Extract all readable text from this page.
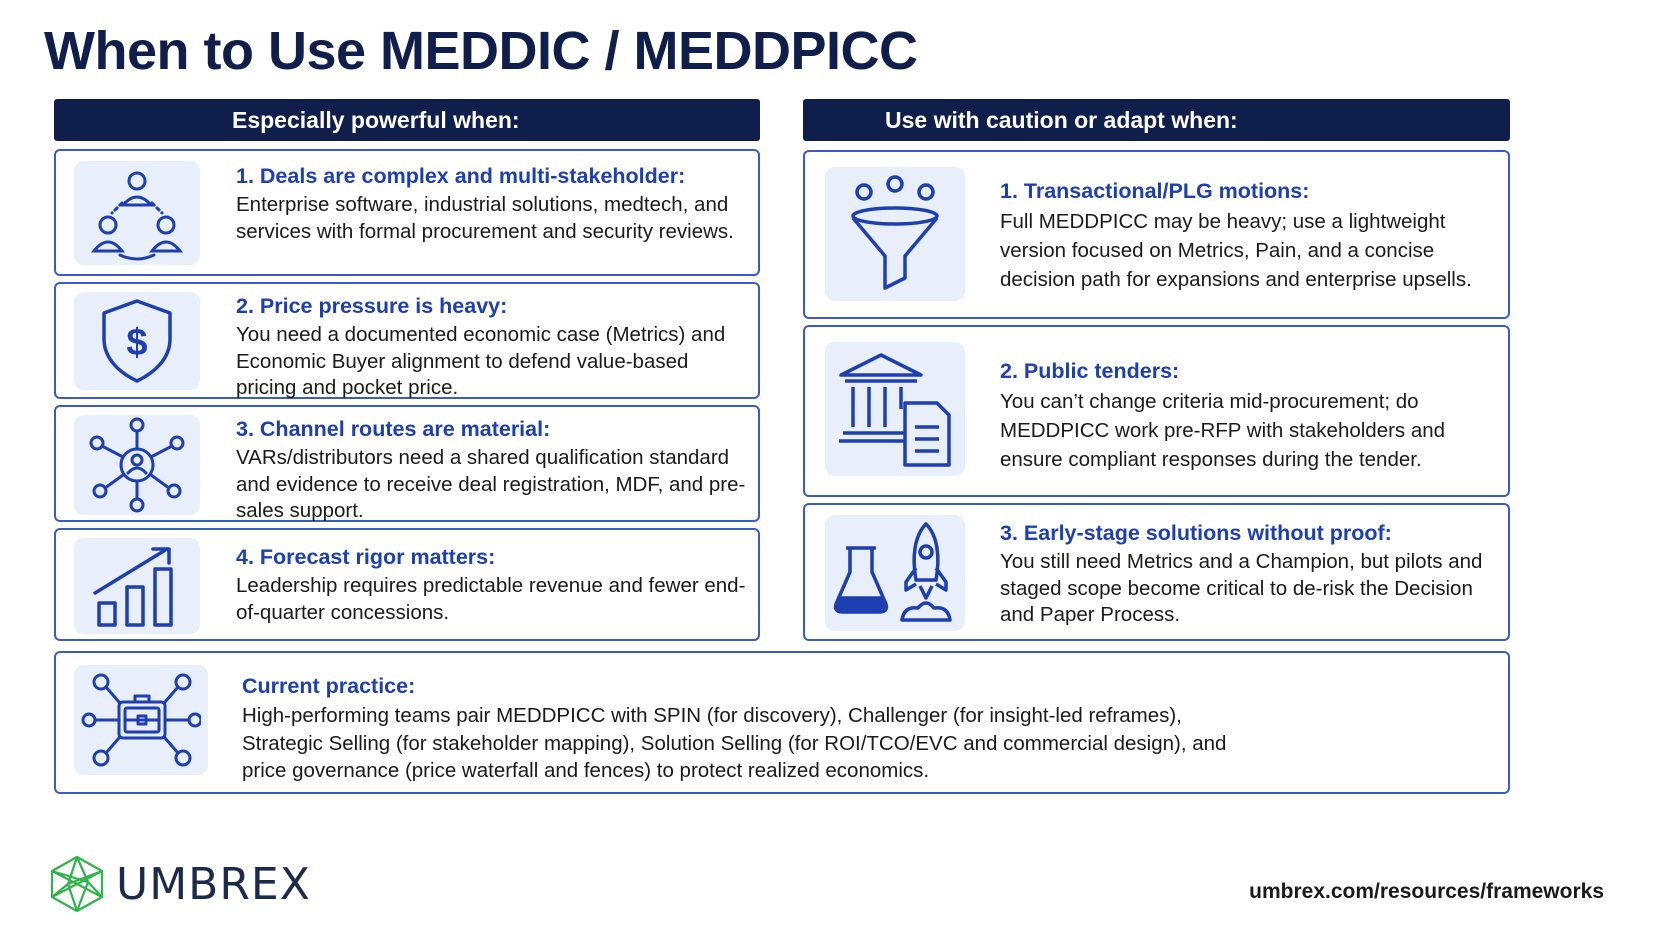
When to Use MEDDIC / MEDDPICC
Especially powerful when:

1. Deals are complex and multi-stakeholder:

Enterprise software, industrial solutions, medtech, and services with formal procurement and security reviews.

$

2. Price pressure is heavy:

You need a documented economic case (Metrics) and Economic Buyer alignment to defend value-based pricing and pocket price.

3. Channel routes are material:

VARs/distributors need a shared qualification standard and evidence to receive deal registration, MDF, and pre-sales support.

4. Forecast rigor matters:

Leadership requires predictable revenue and fewer end-of-quarter concessions.

Use with caution or adapt when:

1. Transactional/PLG motions:

Full MEDDPICC may be heavy; use a lightweight version focused on Metrics, Pain, and a concise decision path for expansions and enterprise upsells.

2. Public tenders:

You can’t change criteria mid-procurement; do MEDDPICC work pre-RFP with stakeholders and ensure compliant responses during the tender.

3. Early-stage solutions without proof:

You still need Metrics and a Champion, but pilots and staged scope become critical to de-risk the Decision and Paper Process.

Current practice:

High-performing teams pair MEDDPICC with SPIN (for discovery), Challenger (for insight-led reframes), Strategic Selling (for stakeholder mapping), Solution Selling (for ROI/TCO/EVC and commercial design), and price governance (price waterfall and fences) to protect realized economics.

UMBREX	umbrex.com/resources/frameworks
